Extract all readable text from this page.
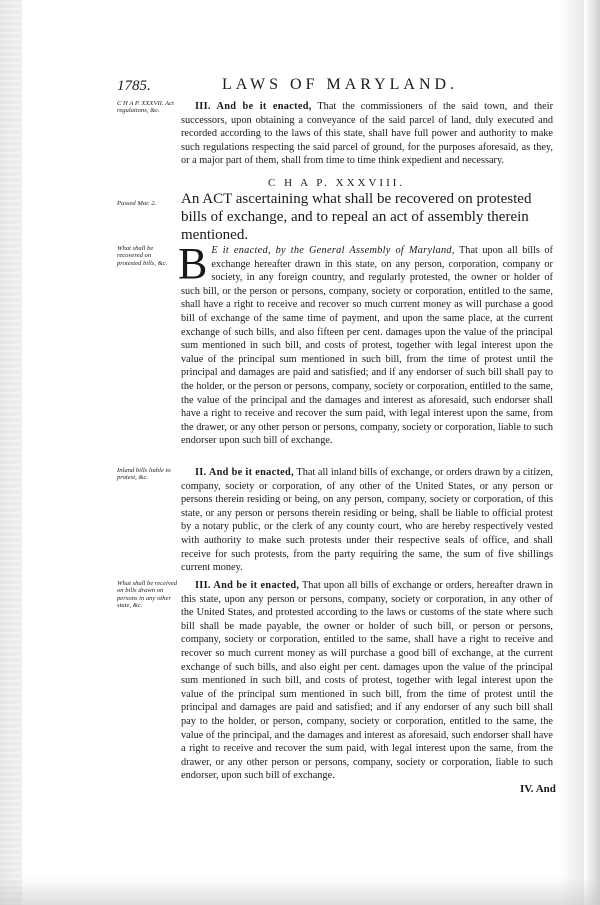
1785.	LAWS OF MARYLAND.
C H A P. XXXVII. Act regulations, &c.
Passed Mar. 2.
What shall be recovered on protested bills, &c.
Inland bills liable to protest, &c.
What shall be received on bills drawn on persons in any other state, &c.
III. And be it enacted, That the commissioners of the said town, and their successors, upon obtaining a conveyance of the said parcel of land, duly executed and recorded according to the laws of this state, shall have full power and authority to make such regulations respecting the said parcel of ground, for the purposes aforesaid, as they, or a major part of them, shall from time to time think expedient and necessary.
C H A P. XXXVIII.
An ACT ascertaining what shall be recovered on protested bills of exchange, and to repeal an act of assembly therein mentioned.
B E it enacted, by the General Assembly of Maryland, That upon all bills of exchange hereafter drawn in this state, on any person, corporation, company or society, in any foreign country, and regularly protested, the owner or holder of such bill, or the person or persons, company, society or corporation, entitled to the same, shall have a right to receive and recover so much current money as will purchase a good bill of exchange of the same time of payment, and upon the same place, at the current exchange of such bills, and also fifteen per cent. damages upon the value of the principal sum mentioned in such bill, and costs of protest, together with legal interest upon the value of the principal sum mentioned in such bill, from the time of protest until the principal and damages are paid and satisfied; and if any endorser of such bill shall pay to the holder, or the person or persons, company, society or corporation, entitled to the same, the value of the principal and the damages and interest as aforesaid, such endorser shall have a right to receive and recover the sum paid, with legal interest upon the same, from the drawer, or any other person or persons, company, society or corporation, liable to such endorser upon such bill of exchange.
II. And be it enacted, That all inland bills of exchange, or orders drawn by a citizen, company, society or corporation, of any other of the United States, or any person or persons therein residing or being, on any person, company, society or corporation, of this state, or any person or persons therein residing or being, shall be liable to official protest by a notary public, or the clerk of any county court, who are hereby respectively vested with authority to make such protests under their respective seals of office, and shall receive for such protests, from the party requiring the same, the sum of five shillings current money.
III. And be it enacted, That upon all bills of exchange or orders, hereafter drawn in this state, upon any person or persons, company, society or corporation, in any other of the United States, and protested according to the laws or customs of the state where such bill shall be made payable, the owner or holder of such bill, or person or persons, company, society or corporation, entitled to the same, shall have a right to receive and recover so much current money as will purchase a good bill of exchange, at the current exchange of such bills, and also eight per cent. damages upon the value of the principal sum mentioned in such bill, and costs of protest, together with legal interest upon the value of the principal sum mentioned in such bill, from the time of protest until the principal and damages are paid and satisfied; and if any endorser of any such bill shall pay to the holder, or person, company, society or corporation, entitled to the same, the value of the principal, and the damages and interest as aforesaid, such endorser shall have a right to receive and recover the sum paid, with legal interest upon the same, from the drawer, or any other person or persons, company, society or corporation, liable to such endorser, upon such bill of exchange.
IV. And
